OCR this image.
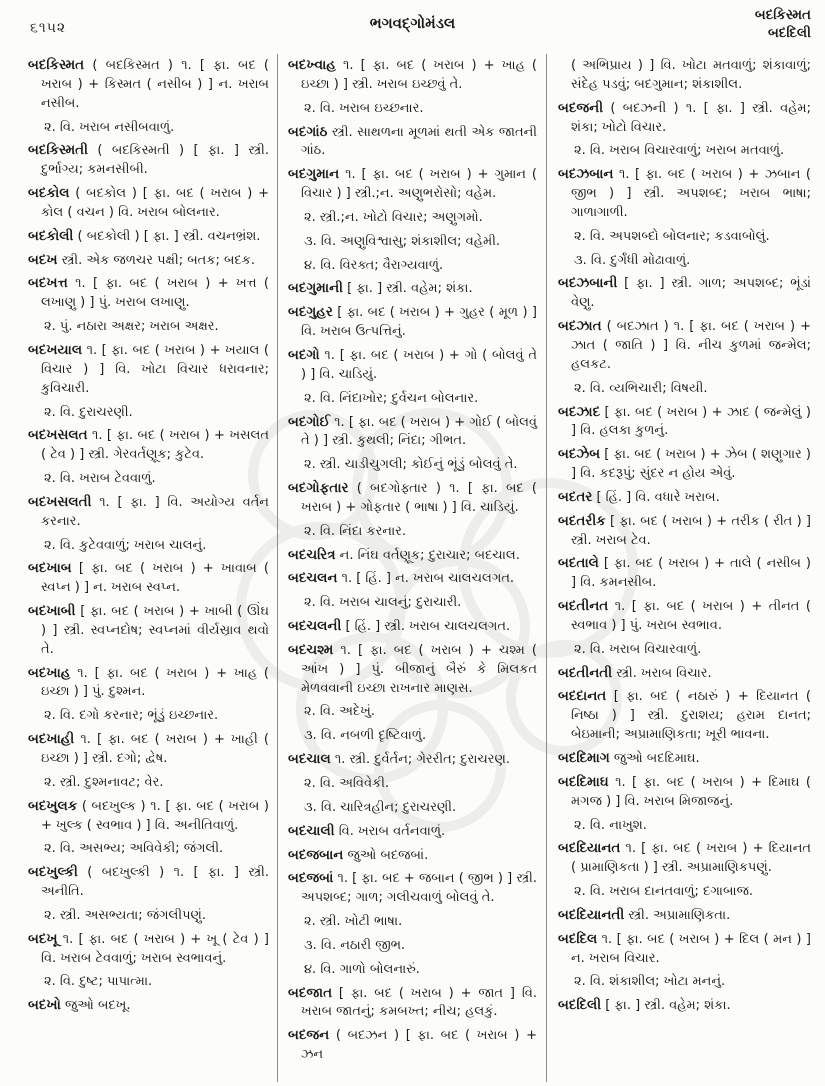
૬૧૫૨	ભગવદ્ગોમંડલ	બદકિસ્મત
બદદિલી

બદકિસ્મત ( બદકિસ્મત ) ૧. [ ફા. બદ ( ખરાબ ) + કિસ્મત ( નસીબ ) ] ન. ખરાબ નસીબ.

૨. વિ. ખરાબ નસીબવાળું.

બદકિસ્મતી ( બદકિસ્મતી ) [ ફા. ] સ્ત્રી. દુર્ભાગ્ય; કમનસીબી.

બદકોલ ( બદકોલ ) [ ફા. બદ ( ખરાબ ) + કોલ ( વચન ) વિ. ખરાબ બોલનાર.

બદકોલી ( બદકોલી ) [ ફા. ] સ્ત્રી. વચનભ્રંશ.

બદખ સ્ત્રી. એક જળચર પક્ષી; બતક; બદક.

બદખત્ત ૧. [ ફા. બદ ( ખરાબ ) + ખત્ત ( લખાણુ ) ] પું. ખરાબ લખાણુ.

૨. પું. નઠારા અક્ષર; ખરાબ અક્ષર.

બદખયાલ ૧. [ ફા. બદ ( ખરાબ ) + ખયાલ ( વિચાર ) ] વિ. ખોટા વિચાર ધરાવનાર; કુવિચારી.

૨. વિ. દુરાચરણી.

બદખસલત ૧. [ ફા. બદ ( ખરાબ ) + ખસલત ( ટેવ ) ] સ્ત્રી. ગેરવર્તણૂક; કુટેવ.

૨. વિ. ખરાબ ટેવવાળું.

બદખસલતી ૧. [ ફા. ] વિ. અયોગ્ય વર્તન કરનાર.

૨. વિ. કુટેવવાળું; ખરાબ ચાલનું.

બદખાબ [ ફા. બદ ( ખરાબ ) + ખાવાબ ( સ્વપ્ન ) ] ન. ખરાબ સ્વપ્ન.

બદખાબી [ ફા. બદ ( ખરાબ ) + ખાબી ( ઊંઘ ) ] સ્ત્રી. સ્વપ્નદોષ; સ્વપ્નમાં વીર્યસ્રાવ થવો તે.

બદખાહ ૧. [ ફા. બદ ( ખરાબ ) + ખાહ ( ઇચ્છા ) ] પું. દુશ્મન.

૨. વિ. દગો કરનાર; ભૂંડું ઇચ્છનાર.

બદખાહી ૧. [ ફા. બદ ( ખરાબ ) + ખાહી ( ઇચ્છા ) ] સ્ત્રી. દગો; દ્વેષ.

૨. સ્ત્રી. દુશ્મનાવટ; વેર.

બદખુલક ( બદખુલ્ક ) ૧. [ ફા. બદ ( ખરાબ ) + ખુલ્ક ( સ્વભાવ ) ] વિ. અનીતિવાળું.

૨. વિ. અસભ્ય; અવિવેકી; જંગલી.

બદખુલ્કી ( બદખુલ્કી ) ૧. [ ફા. ] સ્ત્રી. અનીતિ.

૨. સ્ત્રી. અસભ્યતા; જંગલીપણું.

બદખૂ ૧. [ ફા. બદ ( ખરાબ ) + ખૂ ( ટેવ ) ] વિ. ખરાબ ટેવવાળું; ખરાબ સ્વભાવનું.

૨. વિ. દુષ્ટ; પાપાત્મા.

બદખો જુઓ બદખૂ.

બદખ્વાહ ૧. [ ફા. બદ ( ખરાબ ) + ખાહ ( ઇચ્છા ) ] સ્ત્રી. ખરાબ ઇચ્છવું તે.

૨. વિ. ખરાબ ઇચ્છનાર.

બદગાંઠ સ્ત્રી. સાથળના મૂળમાં થતી એક જાતની ગાંઠ.

બદગુમાન ૧. [ ફા. બદ ( ખરાબ ) + ગુમાન ( વિચાર ) ] સ્ત્રી.;ન. અણુભરોસો; વહેમ.

૨. સ્ત્રી.;ન. ખોટો વિચાર; અણુગમો.

૩. વિ. અણુવિશ્વાસુ; શંકાશીલ; વહેમી.

૪. વિ. વિરક્ત; વૈરાગ્યવાળું.

બદગુમાની [ ફા. ] સ્ત્રી. વહેમ; શંકા.

બદગુહર [ ફા. બદ ( ખરાબ ) + ગુહર ( મૂળ ) ] વિ. ખરાબ ઉત્પત્તિનું.

બદગો ૧. [ ફા. બદ ( ખરાબ ) + ગો ( બોલવું તે ) ] વિ. ચાડિયું.

૨. વિ. નિંદાખોર; દુર્વચન બોલનાર.

બદગોઈ ૧. [ ફા. બદ ( ખરાબ ) + ગોઈ ( બોલવું તે ) ] સ્ત્રી. કુથલી; નિંદા; ગીભત.

૨. સ્ત્રી. ચાડીચુગલી; કોઈનું ભૂંડું બોલવું તે.

બદગોફતાર ( બદગોફ્તાર ) ૧. [ ફા. બદ ( ખરાબ ) + ગોફતાર ( ભાષા ) ] વિ. ચાડિયું.

૨. વિ. નિંદા કરનાર.

બદચરિત્ર ન. નિંઘ વર્તણૂક; દુરાચાર; બદચાલ.

બદચલન ૧. [ હિં. ] ન. ખરાબ ચાલચલગત.

૨. વિ. ખરાબ ચાલનું; દુરાચારી.

બદચલની [ હિં. ] સ્ત્રી. ખરાબ ચાલચલગત.

બદચશ્મ ૧. [ ફા. બદ ( ખરાબ ) + ચશ્મ ( આંખ ) ] પું. બીજાનું બૈરું કે મિલકત મેળવવાની ઇચ્છા રાખનાર માણસ.

૨. વિ. અદેખું.

૩. વિ. નબળી દૃષ્ટિવાળું.

બદચાલ ૧. સ્ત્રી. દુર્વર્તન; ગેરરીત; દુરાચરણ.

૨. વિ. અવિવેકી.

૩. વિ. ચારિત્રહીન; દુરાચરણી.

બદચાલી વિ. ખરાબ વર્તનવાળું.

બદજબાન જુઓ બદજબાં.

બદજબાં ૧. [ ફા. બદ + જબાન ( જીભ ) ] સ્ત્રી. અપશબ્દ; ગાળ; ગલીચવાળું બોલવું તે.

૨. સ્ત્રી. ખોટી ભાષા.

૩. વિ. નઠારી જીભ.

૪. વિ. ગાળો બોલનારું.

બદજાત [ ફા. બદ ( ખરાબ ) + જાત ] વિ. ખરાબ જાતનું; કમબખ્ત; નીચ; હલકું.

બદજન ( બદઝન ) [ ફા. બદ ( ખરાબ ) + ઝન

( અભિપ્રાય ) ] વિ. ખોટા મતવાળું; શંકાવાળું; સંદેહ પડવું; બદગુમાન; શંકાશીલ.

બદજની ( બદઝની ) ૧. [ ફા. ] સ્ત્રી. વહેમ; શંકા; ખોટો વિચાર.

૨. વિ. ખરાબ વિચારવાળું; ખરાબ મતવાળું.

બદઝબાન ૧. [ ફા. બદ ( ખરાબ ) + ઝબાન ( જીભ ) ] સ્ત્રી. અપશબ્દ; ખરાબ ભાષા; ગાળાગાળી.

૨. વિ. અપશબ્દો બોલનાર; કડવાબોલું.

૩. વિ. દુર્ગંધી મોઢાવાળું.

બદઝબાની [ ફા. ] સ્ત્રી. ગાળ; અપશબ્દ; ભૂંડાં વેણુ.

બદઝાત ( બદઝાત ) ૧. [ ફા. બદ ( ખરાબ ) + ઝાત ( જાતિ ) ] વિ. નીચ કુળમાં જન્મેલ; હલકટ.

૨. વિ. વ્યભિચારી; વિષયી.

બદઝાદ [ ફા. બદ ( ખરાબ ) + ઝાદ ( જન્મેલું ) ] વિ. હલકા કુળનું.

બદઝેબ [ ફા. બદ ( ખરાબ ) + ઝેબ ( શણુગાર ) ] વિ. કદરૂપું; સુંદર ન હોય એવું.

બદતર [ હિં. ] વિ. વધારે ખરાબ.

બદતરીક [ ફા. બદ ( ખરાબ ) + તરીક ( રીત ) ] સ્ત્રી. ખરાબ ટેવ.

બદતાલે [ ફા. બદ ( ખરાબ ) + તાલે ( નસીબ ) ] વિ. કમનસીબ.

બદતીનત ૧. [ ફા. બદ ( ખરાબ ) + તીનત ( સ્વભાવ ) ] પું. ખરાબ સ્વભાવ.

૨. વિ. ખરાબ વિચારવાળું.

બદતીનતી સ્ત્રી. ખરાબ વિચાર.

બદદાનત [ ફા. બદ ( નઠારું ) + દિયાનત ( નિષ્ઠા ) ] સ્ત્રી. દુરાશય; હરામ દાનત; બેઇમાની; અપ્રામાણિકતા; ખૂરી ભાવના.

બદદિમાગ જુઓ બદદિમાઘ.

બદદિમાઘ ૧. [ ફા. બદ ( ખરાબ ) + દિમાઘ ( મગજ ) ] વિ. ખરાબ મિજાજનું.

૨. વિ. નાખુશ.

બદદિયાનત ૧. [ ફા. બદ ( ખરાબ ) + દિયાનત ( પ્રામાણિકતા ) ] સ્ત્રી. અપ્રામાણિકપણું.

૨. વિ. ખરાબ દાનતવાળું; દગાબાજ.

બદદિયાનતી સ્ત્રી. અપ્રામાણિકતા.

બદદિલ ૧. [ ફા. બદ ( ખરાબ ) + દિલ ( મન ) ] ન. ખરાબ વિચાર.

૨. વિ. શંકાશીલ; ખોટા મનનું.

બદદિલી [ ફા. ] સ્ત્રી. વહેમ; શંકા.
